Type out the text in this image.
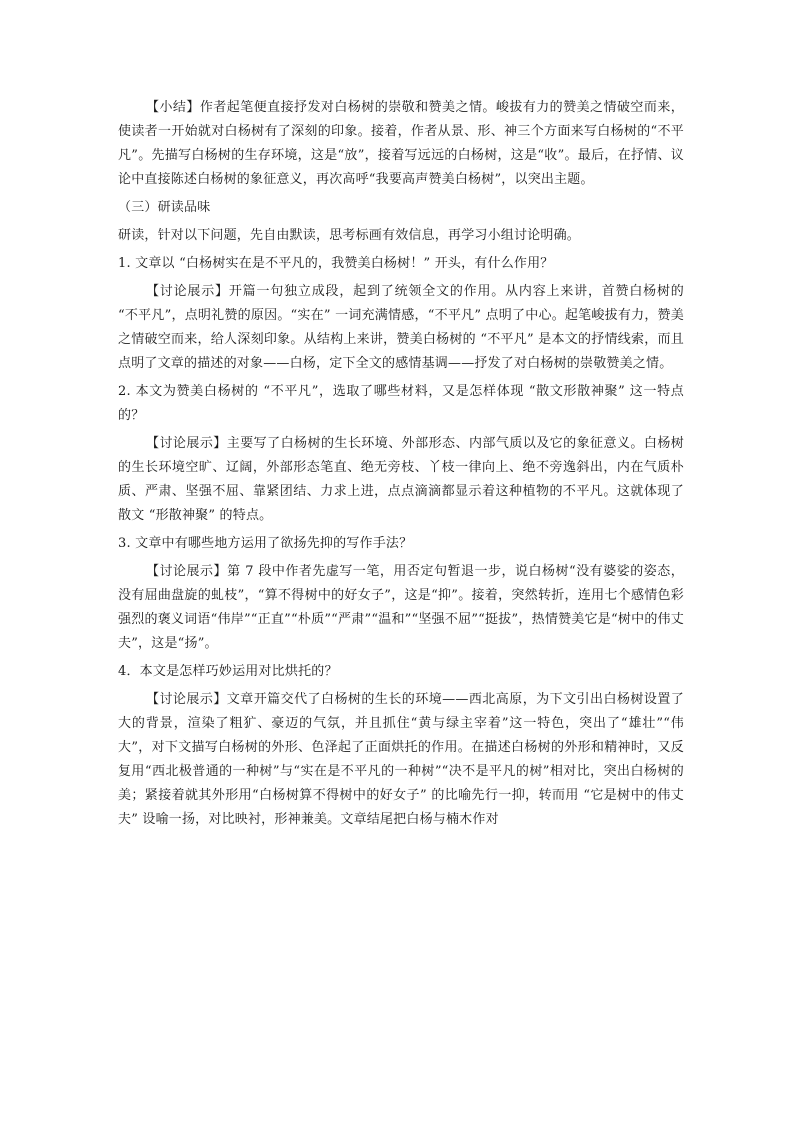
【小结】作者起笔便直接抒发对白杨树的崇敬和赞美之情。峻拔有力的赞美之情破空而来，使读者一开始就对白杨树有了深刻的印象。接着，作者从景、形、神三个方面来写白杨树的“不平凡”。先描写白杨树的生存环境，这是“放”，接着写远远的白杨树，这是“收”。最后，在抒情、议论中直接陈述白杨树的象征意义，再次高呼“我要高声赞美白杨树”，以突出主题。

（三）研读品味

研读，针对以下问题，先自由默读，思考标画有效信息，再学习小组讨论明确。

1. 文章以 “白杨树实在是不平凡的，我赞美白杨树！” 开头，有什么作用？

【讨论展示】开篇一句独立成段，起到了统领全文的作用。从内容上来讲，首赞白杨树的 “不平凡”，点明礼赞的原因。“实在” 一词充满情感，“不平凡” 点明了中心。起笔峻拔有力，赞美之情破空而来，给人深刻印象。从结构上来讲，赞美白杨树的 “不平凡” 是本文的抒情线索，而且点明了文章的描述的对象——白杨，定下全文的感情基调——抒发了对白杨树的崇敬赞美之情。

2. 本文为赞美白杨树的 “不平凡”，选取了哪些材料，又是怎样体现 “散文形散神聚” 这一特点的？

【讨论展示】主要写了白杨树的生长环境、外部形态、内部气质以及它的象征意义。白杨树的生长环境空旷、辽阔，外部形态笔直、绝无旁枝、丫枝一律向上、绝不旁逸斜出，内在气质朴质、严肃、坚强不屈、靠紧团结、力求上进，点点滴滴都显示着这种植物的不平凡。这就体现了散文 “形散神聚” 的特点。

3. 文章中有哪些地方运用了欲扬先抑的写作手法？

【讨论展示】第 7 段中作者先虚写一笔，用否定句暂退一步，说白杨树“没有婆娑的姿态，没有屈曲盘旋的虬枝”，“算不得树中的好女子”，这是“抑”。接着，突然转折，连用七个感情色彩强烈的褒义词语“伟岸”“正直”“朴质”“严肃”“温和”“坚强不屈”“挺拔”，热情赞美它是“树中的伟丈夫”，这是“扬”。

4．本文是怎样巧妙运用对比烘托的？

【讨论展示】文章开篇交代了白杨树的生长的环境——西北高原，为下文引出白杨树设置了大的背景，渲染了粗犷、豪迈的气氛，并且抓住“黄与绿主宰着”这一特色，突出了“雄壮”“伟大”，对下文描写白杨树的外形、色泽起了正面烘托的作用。在描述白杨树的外形和精神时，又反复用“西北极普通的一种树”与“实在是不平凡的一种树”“决不是平凡的树”相对比，突出白杨树的美；紧接着就其外形用“白杨树算不得树中的好女子” 的比喻先行一抑，转而用 “它是树中的伟丈夫” 设喻一扬，对比映衬，形神兼美。文章结尾把白杨与楠木作对
